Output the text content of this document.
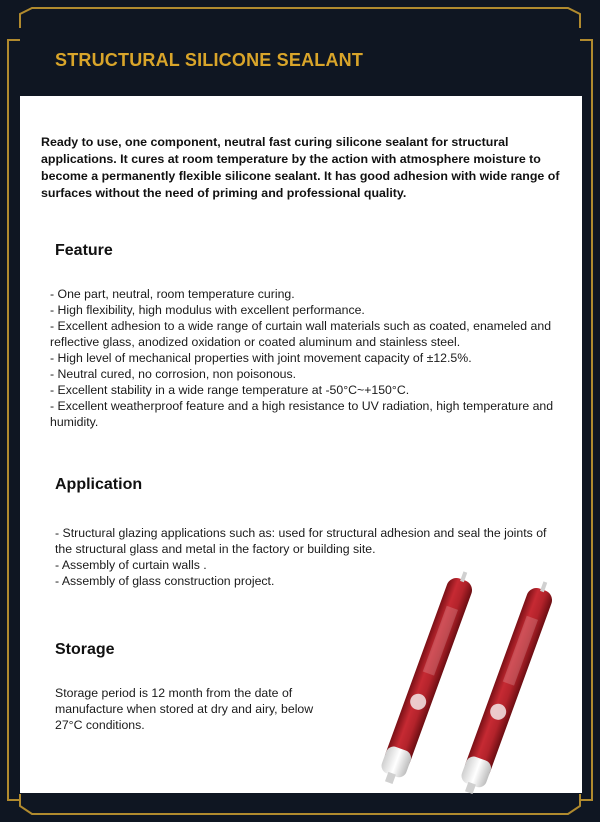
STRUCTURAL SILICONE SEALANT
Ready to use, one component, neutral fast curing silicone sealant for structural applications. It cures at room temperature by the action with atmosphere moisture to become a permanently flexible silicone sealant. It has good adhesion with wide range of surfaces without the need of priming and professional quality.
Feature
- One part, neutral, room temperature curing.
- High flexibility, high modulus with excellent performance.
- Excellent adhesion to a wide range of curtain wall materials such as coated, enameled and reflective glass, anodized oxidation or coated aluminum and stainless steel.
- High level of mechanical properties with joint movement capacity of ±12.5%.
- Neutral cured, no corrosion, non poisonous.
- Excellent stability in a wide range temperature at -50°C~+150°C.
- Excellent weatherproof feature and a high resistance to UV radiation, high temperature and humidity.
Application
- Structural glazing applications such as: used for structural adhesion and seal the joints of the structural glass and metal in the factory or building site.
- Assembly of curtain walls .
- Assembly of glass construction project.
Storage
Storage period is 12 month from the date of manufacture when stored at dry and airy, below 27°C conditions.
